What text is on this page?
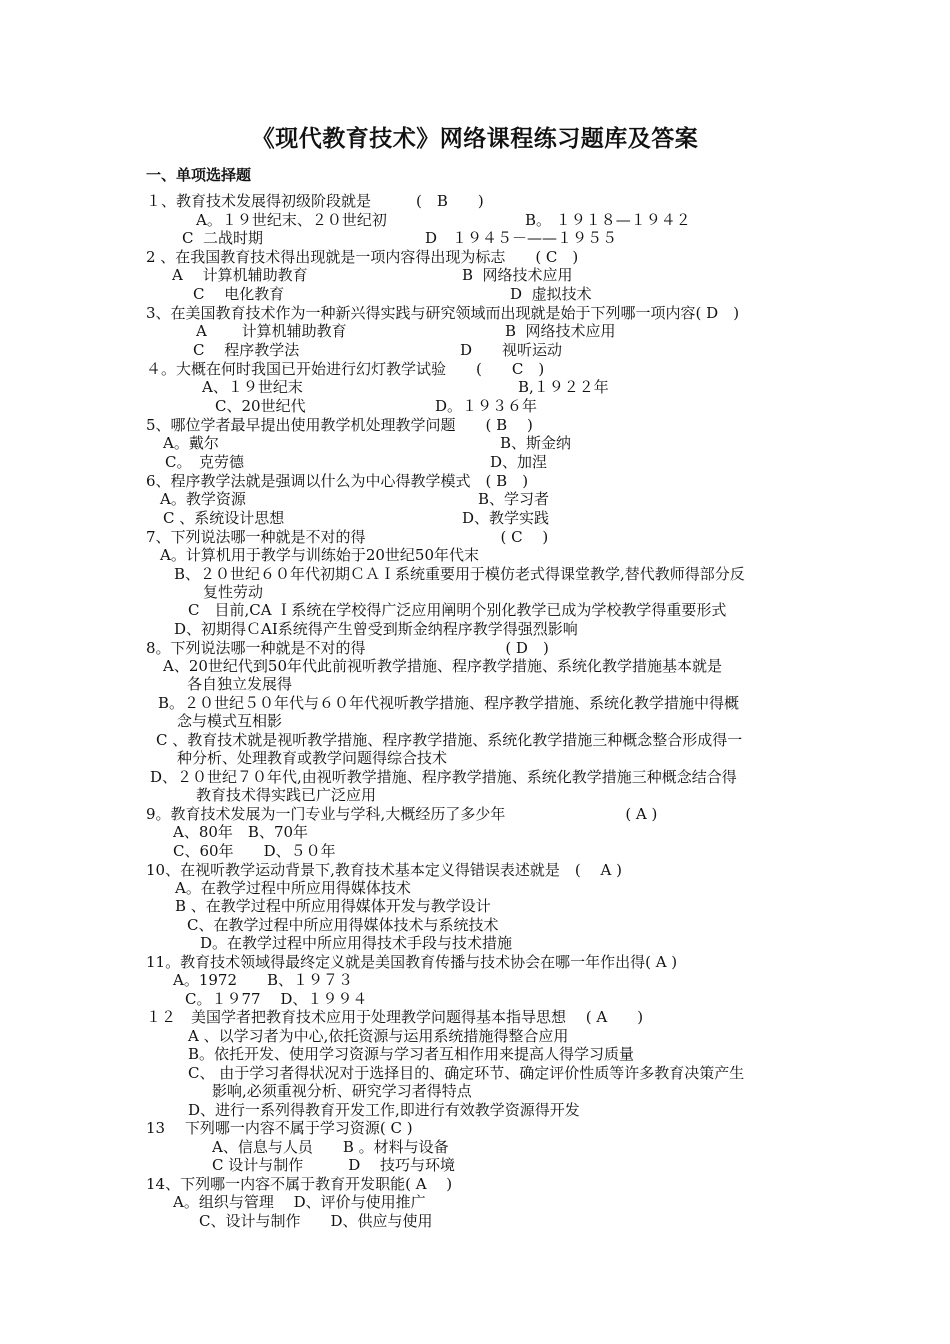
《现代教育技术》网络课程练习题库及答案
一、单项选择题
１、教育技术发展得初级阶段就是　　　(　B　　)
A。１９世纪末、２０世纪初	B。 １９１８—１９４２
C  二战时期	D　１９４５－——１９５５
2 、在我国教育技术得出现就是一项内容得出现为标志　　( C　)
A　 计算机辅助教育	B  网络技术应用
C　 电化教育	D  虚拟技术
3、在美国教育技术作为一种新兴得实践与研究领域而出现就是始于下列哪一项内容( D　)
A　　 计算机辅助教育	B  网络技术应用
C　 程序教学法	D　　视听运动
４。大概在何时我国已开始进行幻灯教学试验　　(　　C　)
A、１９世纪末	B,１９２２年
C、20世纪代	D。１９３６年
5、哪位学者最早提出使用教学机处理教学问题　　( B　 )
A。戴尔	B、斯金纳
C。　克劳德	D、加涅
6、程序教学法就是强调以什么为中心得教学模式　( B　)
A。教学资源	B、学习者
C 、系统设计思想	D、教学实践
7、下列说法哪一种就是不对的得　　　　　　　　　( C　 )
A。计算机用于教学与训练始于20世纪50年代末
B、２０世纪６０年代初期ＣＡＩ系统重要用于模仿老式得课堂教学,替代教师得部分反
复性劳动
C　目前,CA Ｉ系统在学校得广泛应用阐明个别化教学已成为学校教学得重要形式
D、初期得ＣAI系统得产生曾受到斯金纳程序教学得强烈影响
8。下列说法哪一种就是不对的得　　　　　　　　　 ( D　)
A、20世纪代到50年代此前视听教学措施、程序教学措施、系统化教学措施基本就是
各自独立发展得
B。２０世纪５０年代与６０年代视听教学措施、程序教学措施、系统化教学措施中得概
念与模式互相影
C 、教育技术就是视听教学措施、程序教学措施、系统化教学措施三种概念整合形成得一
种分析、处理教育或教学问题得综合技术
D、２０世纪７０年代,由视听教学措施、程序教学措施、系统化教学措施三种概念结合得
教育技术得实践已广泛应用
9。教育技术发展为一门专业与学科,大概经历了多少年　　　　　　　　( A )
A、80年　B、70年
C、60年　　D、５０年
10、在视听教学运动背景下,教育技术基本定义得错误表述就是　(　 A )
A。在教学过程中所应用得媒体技术
B 、在教学过程中所应用得媒体开发与教学设计
C、在教学过程中所应用得媒体技术与系统技术
D。在教学过程中所应用得技术手段与技术措施
11。教育技术领域得最终定义就是美国教育传播与技术协会在哪一年作出得( A )
A。1972　　B、１９７３
C。１９77　 D、１９９４
１２　美国学者把教育技术应用于处理教学问题得基本指导思想　 ( A　　)
A 、以学习者为中心,依托资源与运用系统措施得整合应用
B。依托开发、使用学习资源与学习者互相作用来提高人得学习质量
C、 由于学习者得状况对于选择目的、确定环节、确定评价性质等许多教育决策产生
影响,必须重视分析、研究学习者得特点
D、进行一系列得教育开发工作,即进行有效教学资源得开发
13　 下列哪一内容不属于学习资源( C )
A、信息与人员　　B 。材料与设备
C 设计与制作　　　D　 技巧与环境
14、下列哪一内容不属于教育开发职能( A　 )
A。组织与管理　 D、评价与使用推广
C、设计与制作　　D、供应与使用
